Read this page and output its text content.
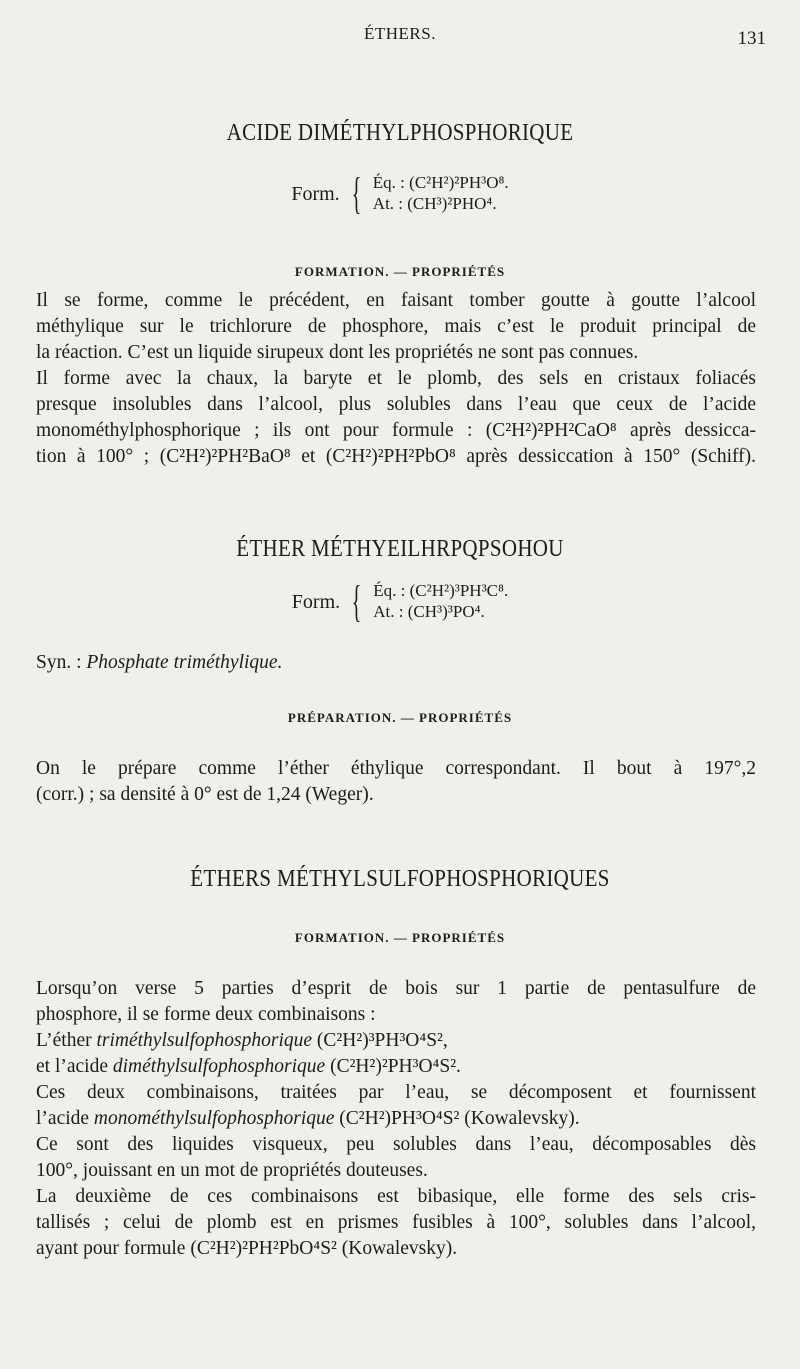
ÉTHERS.	131
ACIDE DIMÉTHYLPHOSPHORIQUE
Form. { Éq. : (C²H²)²PH³O⁸.
At. : (CH³)²PHO⁴.
FORMATION. — PROPRIÉTÉS
Il se forme, comme le précédent, en faisant tomber goutte à goutte l’alcool
méthylique sur le trichlorure de phosphore, mais c’est le produit principal de
la réaction. C’est un liquide sirupeux dont les propriétés ne sont pas connues.
Il forme avec la chaux, la baryte et le plomb, des sels en cristaux foliacés
presque insolubles dans l’alcool, plus solubles dans l’eau que ceux de l’acide
monométhylphosphorique ; ils ont pour formule : (C²H²)²PH²CaO⁸ après dessicca-
tion à 100° ; (C²H²)²PH²BaO⁸ et (C²H²)²PH²PbO⁸ après dessiccation à 150° (Schiff).
ÉTHER MÉTHYEILHRPQPSOHOU
Form. { Éq. : (C²H²)³PH³C⁸.
At. : (CH³)³PO⁴.
Syn. : Phosphate triméthylique.
PRÉPARATION. — PROPRIÉTÉS
On le prépare comme l’éther éthylique correspondant. Il bout à 197°,2
(corr.) ; sa densité à 0° est de 1,24 (Weger).
ÉTHERS MÉTHYLSULFOPHOSPHORIQUES
FORMATION. — PROPRIÉTÉS
Lorsqu’on verse 5 parties d’esprit de bois sur 1 partie de pentasulfure de
phosphore, il se forme deux combinaisons :
L’éther triméthylsulfophosphorique (C²H²)³PH³O⁴S²,
et l’acide diméthylsulfophosphorique (C²H²)²PH³O⁴S².
Ces deux combinaisons, traitées par l’eau, se décomposent et fournissent
l’acide monométhylsulfophosphorique (C²H²)PH³O⁴S² (Kowalevsky).
Ce sont des liquides visqueux, peu solubles dans l’eau, décomposables dès
100°, jouissant en un mot de propriétés douteuses.
La deuxième de ces combinaisons est bibasique, elle forme des sels cris-
tallisés ; celui de plomb est en prismes fusibles à 100°, solubles dans l’alcool,
ayant pour formule (C²H²)²PH²PbO⁴S² (Kowalevsky).
